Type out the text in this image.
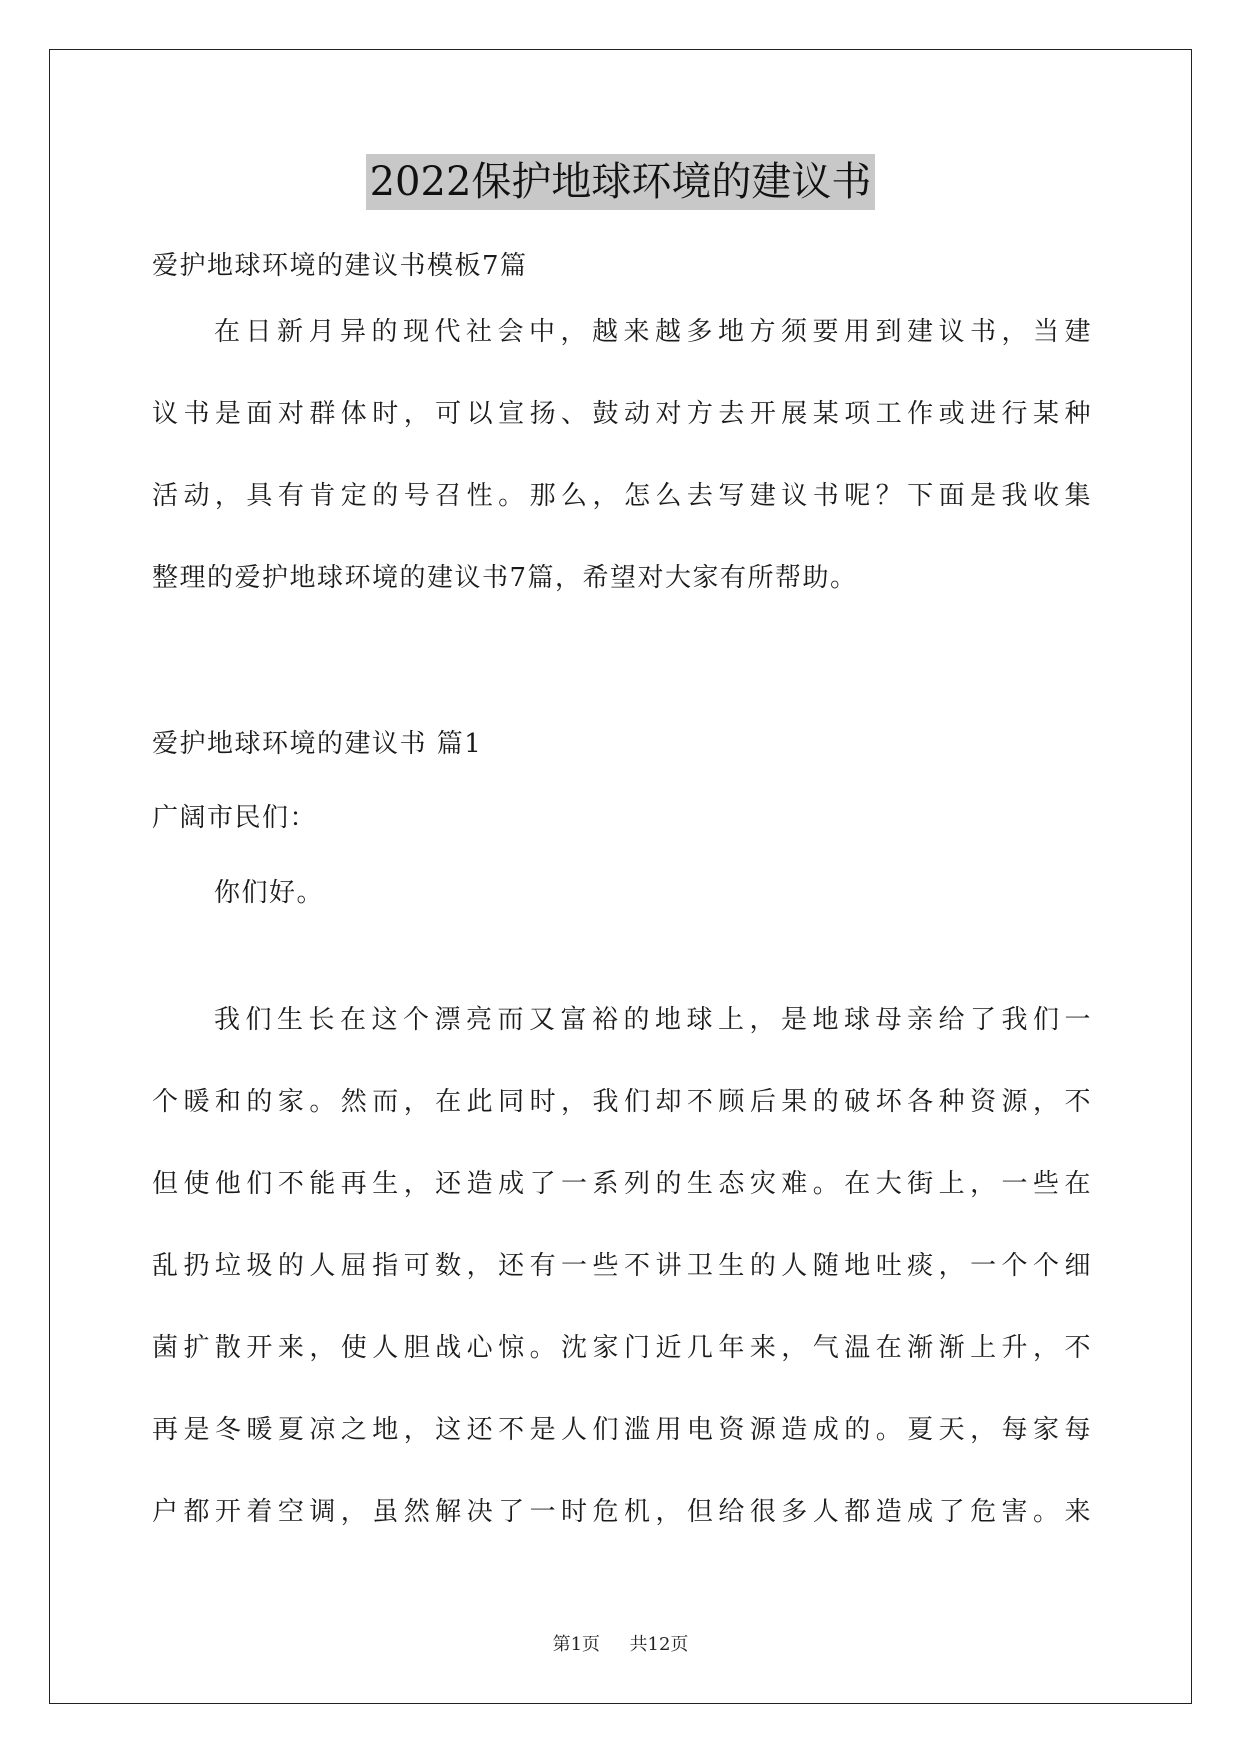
2022保护地球环境的建议书

爱护地球环境的建议书模板7篇

在日新月异的现代社会中，越来越多地方须要用到建议书，当建
议书是面对群体时，可以宣扬、鼓动对方去开展某项工作或进行某种
活动，具有肯定的号召性。那么，怎么去写建议书呢？下面是我收集
整理的爱护地球环境的建议书7篇，希望对大家有所帮助。

爱护地球环境的建议书 篇1

广阔市民们：

你们好。

我们生长在这个漂亮而又富裕的地球上，是地球母亲给了我们一
个暖和的家。然而，在此同时，我们却不顾后果的破坏各种资源，不
但使他们不能再生，还造成了一系列的生态灾难。在大街上，一些在
乱扔垃圾的人屈指可数，还有一些不讲卫生的人随地吐痰，一个个细
菌扩散开来，使人胆战心惊。沈家门近几年来，气温在渐渐上升，不
再是冬暖夏凉之地，这还不是人们滥用电资源造成的。夏天，每家每
户都开着空调，虽然解决了一时危机，但给很多人都造成了危害。来
第1页 共12页
